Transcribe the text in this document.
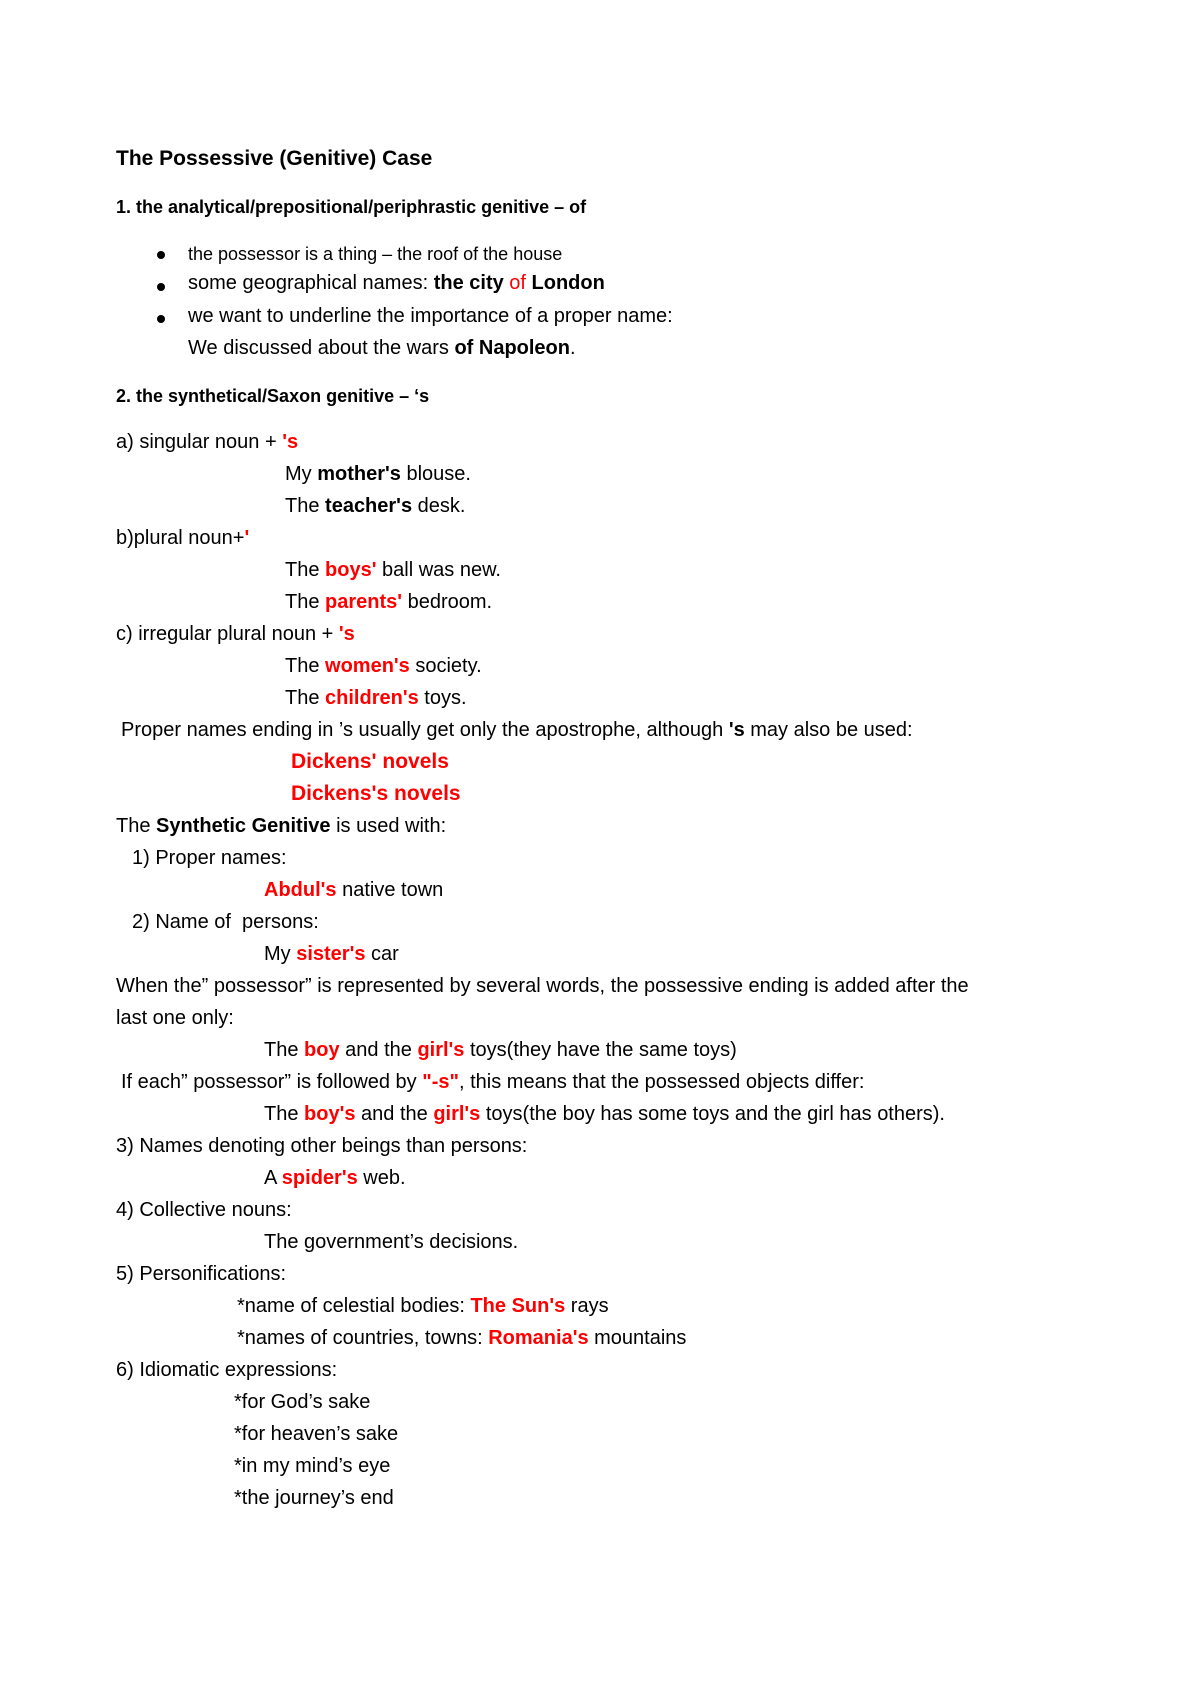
The Possessive (Genitive) Case
1. the analytical/prepositional/periphrastic genitive – of
the possessor is a thing – the roof of the house
some geographical names: the city of London
we want to underline the importance of a proper name:
We discussed about the wars of Napoleon.
2. the synthetical/Saxon genitive – ‘s
a) singular noun + 's
My mother's blouse.
The teacher's desk.
b)plural noun+'
The boys' ball was new.
The parents' bedroom.
c) irregular plural noun + 's
The women's society.
The children's toys.
Proper names ending in ’s usually get only the apostrophe, although 's may also be used:
Dickens' novels
Dickens's novels
The Synthetic Genitive is used with:
1) Proper names:
Abdul's native town
2) Name of  persons:
My sister's car
When the” possessor” is represented by several words, the possessive ending is added after the
last one only:
The boy and the girl's toys(they have the same toys)
If each” possessor” is followed by "-s", this means that the possessed objects differ:
The boy's and the girl's toys(the boy has some toys and the girl has others).
3) Names denoting other beings than persons:
A spider's web.
4) Collective nouns:
The government’s decisions.
5) Personifications:
*name of celestial bodies: The Sun's rays
*names of countries, towns: Romania's mountains
6) Idiomatic expressions:
*for God’s sake
*for heaven’s sake
*in my mind’s eye
*the journey’s end
